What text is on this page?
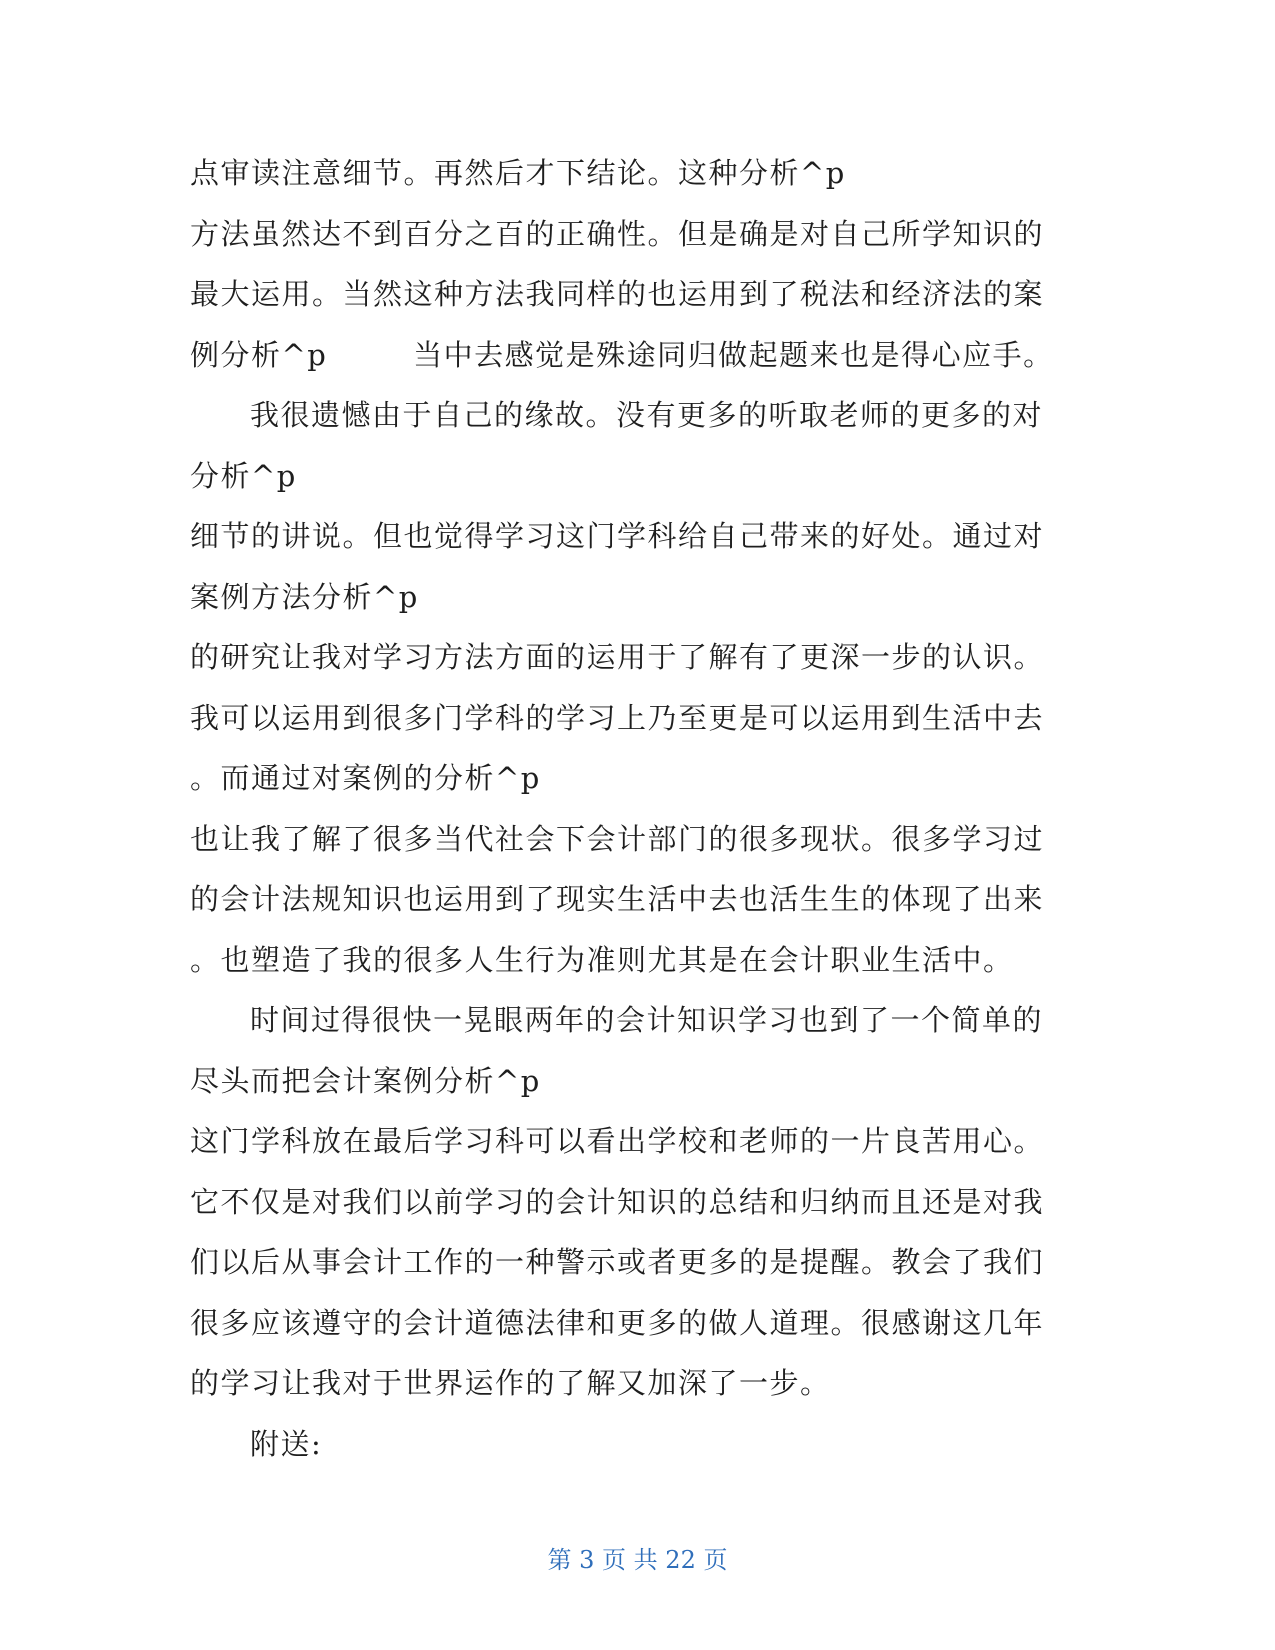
点审读注意细节。再然后才下结论。这种分析^p
方法虽然达不到百分之百的正确性。但是确是对自己所学知识的
最大运用。当然这种方法我同样的也运用到了税法和经济法的案
例分析^p        当中去感觉是殊途同归做起题来也是得心应手。
我很遗憾由于自己的缘故。没有更多的听取老师的更多的对
分析^p
细节的讲说。但也觉得学习这门学科给自己带来的好处。通过对
案例方法分析^p
的研究让我对学习方法方面的运用于了解有了更深一步的认识。
我可以运用到很多门学科的学习上乃至更是可以运用到生活中去
。而通过对案例的分析^p
也让我了解了很多当代社会下会计部门的很多现状。很多学习过
的会计法规知识也运用到了现实生活中去也活生生的体现了出来
。也塑造了我的很多人生行为准则尤其是在会计职业生活中。
时间过得很快一晃眼两年的会计知识学习也到了一个简单的
尽头而把会计案例分析^p
这门学科放在最后学习科可以看出学校和老师的一片良苦用心。
它不仅是对我们以前学习的会计知识的总结和归纳而且还是对我
们以后从事会计工作的一种警示或者更多的是提醒。教会了我们
很多应该遵守的会计道德法律和更多的做人道理。很感谢这几年
的学习让我对于世界运作的了解又加深了一步。
附送:
第 3 页 共 22 页
